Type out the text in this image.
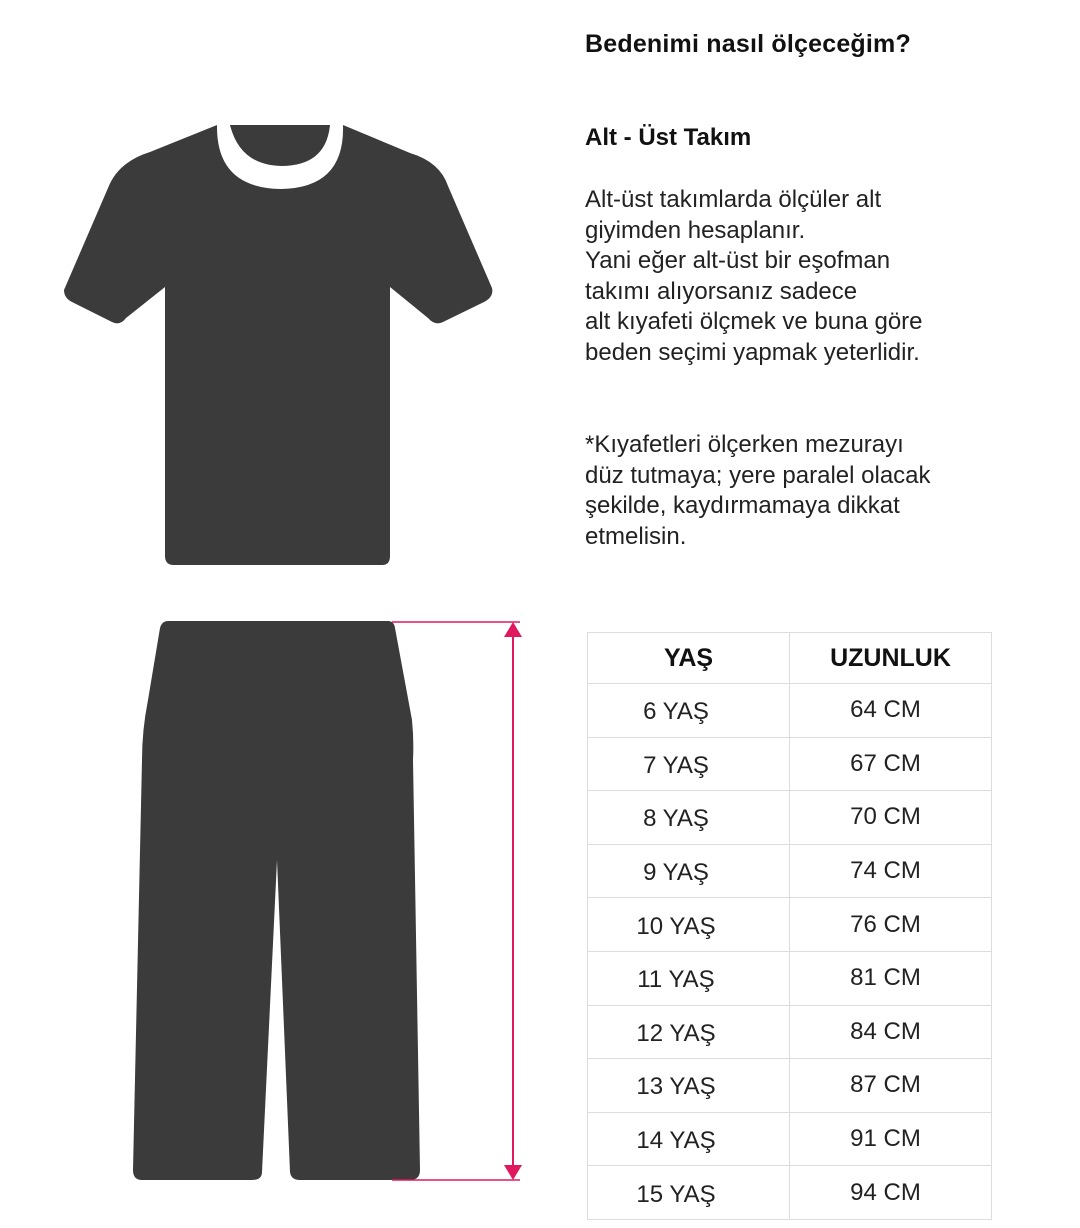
Bedenimi nasıl ölçeceğim?
Alt - Üst Takım
Alt-üst takımlarda ölçüler alt
giyimden hesaplanır.
Yani eğer alt-üst bir eşofman
takımı alıyorsanız sadece
alt kıyafeti ölçmek ve buna göre
beden seçimi yapmak yeterlidir.
*Kıyafetleri ölçerken mezurayı
düz tutmaya; yere paralel olacak
şekilde, kaydırmamaya dikkat
etmelisin.
YAŞ	UZUNLUK
6 YAŞ	64 CM
7 YAŞ	67 CM
8 YAŞ	70 CM
9 YAŞ	74 CM
10 YAŞ	76 CM
11 YAŞ	81 CM
12 YAŞ	84 CM
13 YAŞ	87 CM
14 YAŞ	91 CM
15 YAŞ	94 CM
